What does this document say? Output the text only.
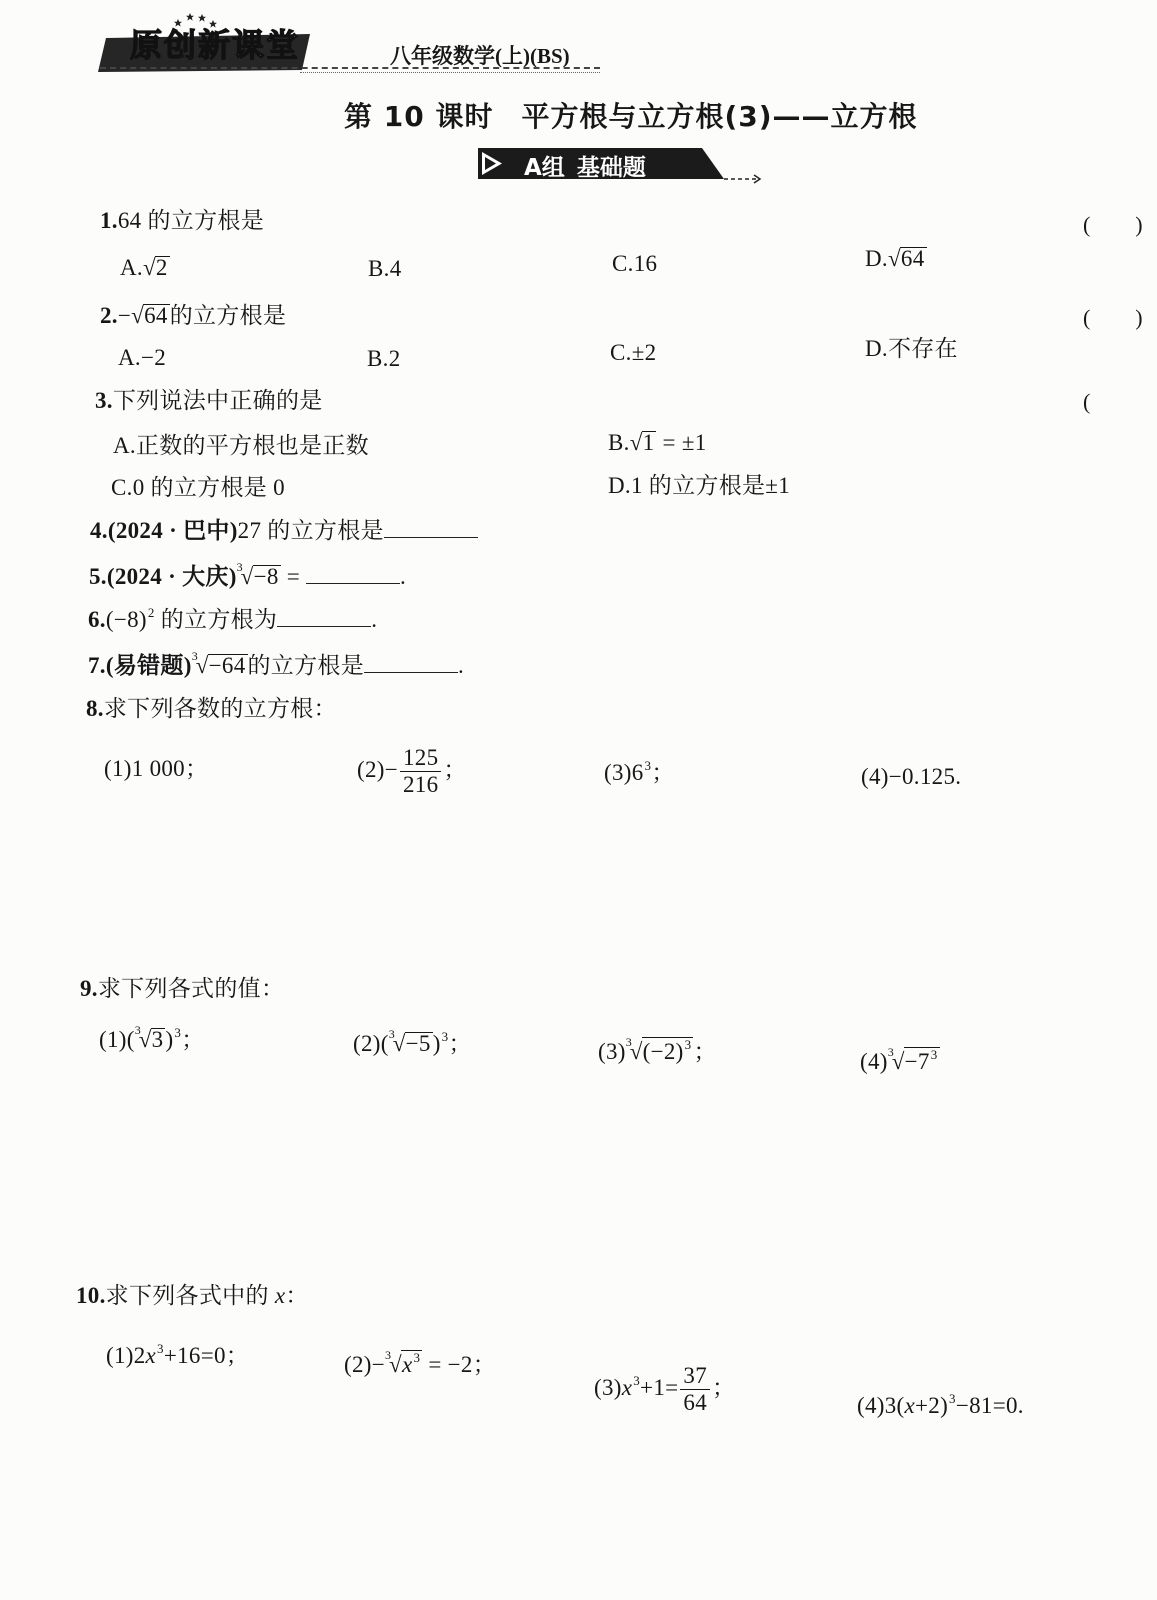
原创新课堂	八年级数学(上)(BS)
第 10 课时 平方根与立方根(3)——立方根
A组 基础题
1.64 的立方根是	(　　)
A.√2	B.4	C.16	D.√64
2.−√64的立方根是	(　　)
A.−2	B.2	C.±2	D.不存在
3.下列说法中正确的是	(
A.正数的平方根也是正数	B.√1 = ±1
C.0 的立方根是 0	D.1 的立方根是±1
4.(2024 · 巴中)27 的立方根是
5.(2024 · 大庆) 3
√−8 =	.
$6.(-8)^2$ 的立方根为	.
7.(易错题) 3
√−64的立方根是	.
8.求下列各数的立方根：
(1)1 000；	$(2)- \frac{125}{216}$ ；	$(3)6^3$；	(4)−0.125.
9.求下列各式的值：
(1)( 3
√3)$^3$；	(2)( 3
√−5)$^3$；	(3) 3
$√(-2)^3$；	(4) 3
$√-7^3$
10.求下列各式中的 x：
$(1)2x^3+16=0$；	(2)− 3
$√x^3 = -2$；
$(3)x^3+1= \frac{37}{64}$ ；
$(4)3(x+2)^3-81=0$.
